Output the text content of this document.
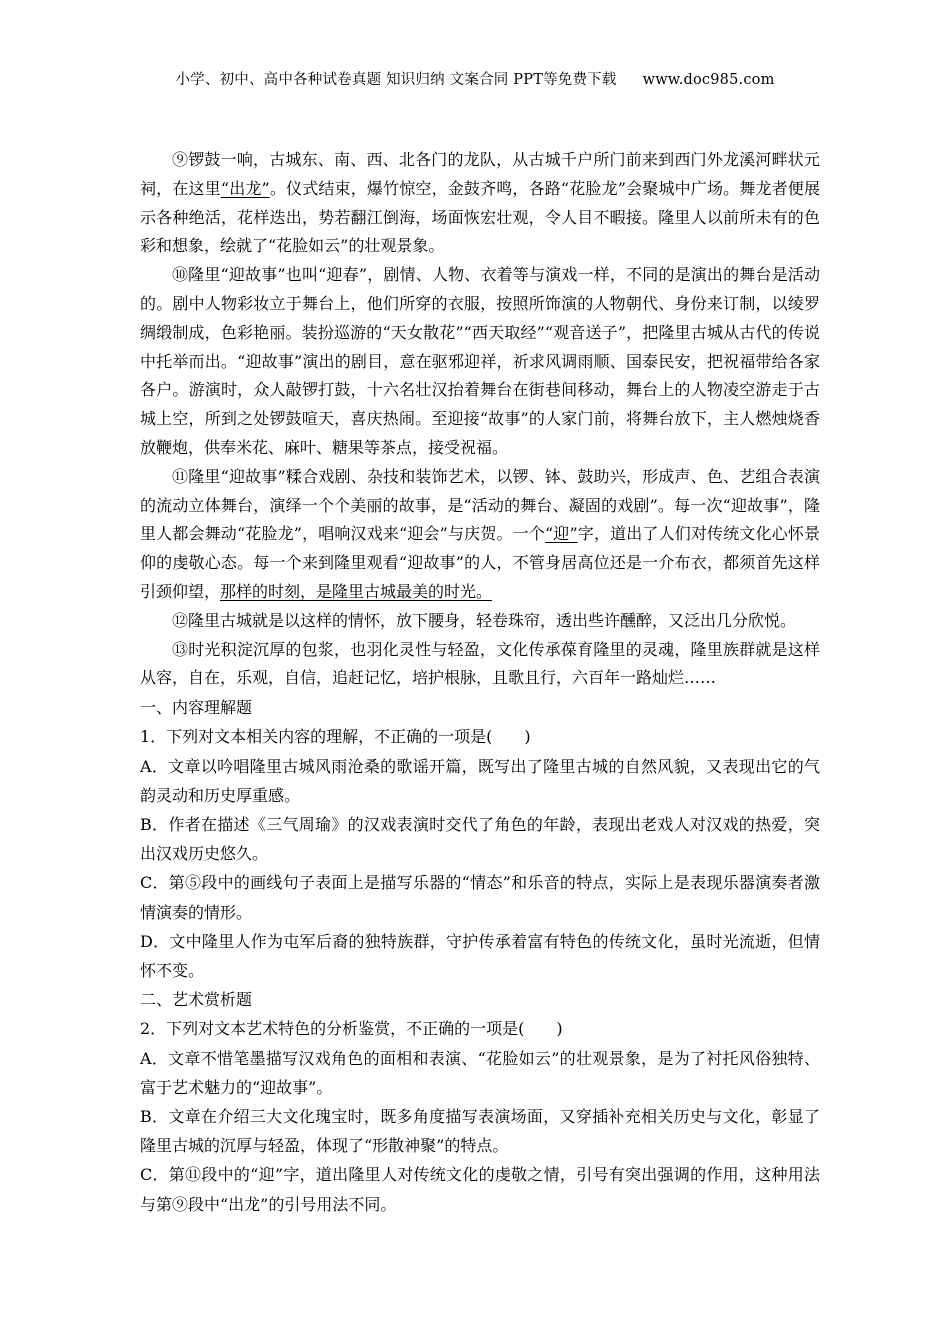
小学、初中、高中各种试卷真题 知识归纳 文案合同 PPT等免费下载 www.doc985.com

⑨锣鼓一响，古城东、南、西、北各门的龙队，从古城千户所门前来到西门外龙溪河畔状元祠，在这里“出龙”。仪式结束，爆竹惊空，金鼓齐鸣，各路“花脸龙”会聚城中广场。舞龙者便展示各种绝活，花样迭出，势若翻江倒海，场面恢宏壮观，令人目不暇接。隆里人以前所未有的色彩和想象，绘就了“花脸如云”的壮观景象。

⑩隆里“迎故事”也叫“迎春”，剧情、人物、衣着等与演戏一样，不同的是演出的舞台是活动的。剧中人物彩妆立于舞台上，他们所穿的衣服，按照所饰演的人物朝代、身份来订制，以绫罗绸缎制成，色彩艳丽。装扮巡游的“天女散花”“西天取经”“观音送子”，把隆里古城从古代的传说中托举而出。“迎故事”演出的剧目，意在驱邪迎祥，祈求风调雨顺、国泰民安，把祝福带给各家各户。游演时，众人敲锣打鼓，十六名壮汉抬着舞台在街巷间移动，舞台上的人物凌空游走于古城上空，所到之处锣鼓喧天，喜庆热闹。至迎接“故事”的人家门前，将舞台放下，主人燃烛烧香放鞭炮，供奉米花、麻叶、糖果等茶点，接受祝福。

⑪隆里“迎故事”糅合戏剧、杂技和装饰艺术，以锣、钵、鼓助兴，形成声、色、艺组合表演的流动立体舞台，演绎一个个美丽的故事，是“活动的舞台、凝固的戏剧”。每一次“迎故事”，隆里人都会舞动“花脸龙”，唱响汉戏来“迎会”与庆贺。一个“迎”字，道出了人们对传统文化心怀景仰的虔敬心态。每一个来到隆里观看“迎故事”的人，不管身居高位还是一介布衣，都须首先这样引颈仰望，那样的时刻，是隆里古城最美的时光。

⑫隆里古城就是以这样的情怀，放下腰身，轻卷珠帘，透出些许醺醉，又泛出几分欣悦。

⑬时光积淀沉厚的包浆，也羽化灵性与轻盈，文化传承葆育隆里的灵魂，隆里族群就是这样从容，自在，乐观，自信，追赶记忆，培护根脉，且歌且行，六百年一路灿烂……

一、内容理解题

1．下列对文本相关内容的理解，不正确的一项是(　　)

A．文章以吟唱隆里古城风雨沧桑的歌谣开篇，既写出了隆里古城的自然风貌，又表现出它的气韵灵动和历史厚重感。

B．作者在描述《三气周瑜》的汉戏表演时交代了角色的年龄，表现出老戏人对汉戏的热爱，突出汉戏历史悠久。

C．第⑤段中的画线句子表面上是描写乐器的“情态”和乐音的特点，实际上是表现乐器演奏者激情演奏的情形。

D．文中隆里人作为屯军后裔的独特族群，守护传承着富有特色的传统文化，虽时光流逝，但情怀不变。

二、艺术赏析题

2．下列对文本艺术特色的分析鉴赏，不正确的一项是(　　)

A．文章不惜笔墨描写汉戏角色的面相和表演、“花脸如云”的壮观景象，是为了衬托风俗独特、富于艺术魅力的“迎故事”。

B．文章在介绍三大文化瑰宝时，既多角度描写表演场面，又穿插补充相关历史与文化，彰显了隆里古城的沉厚与轻盈，体现了“形散神聚”的特点。

C．第⑪段中的“迎”字，道出隆里人对传统文化的虔敬之情，引号有突出强调的作用，这种用法与第⑨段中“出龙”的引号用法不同。
